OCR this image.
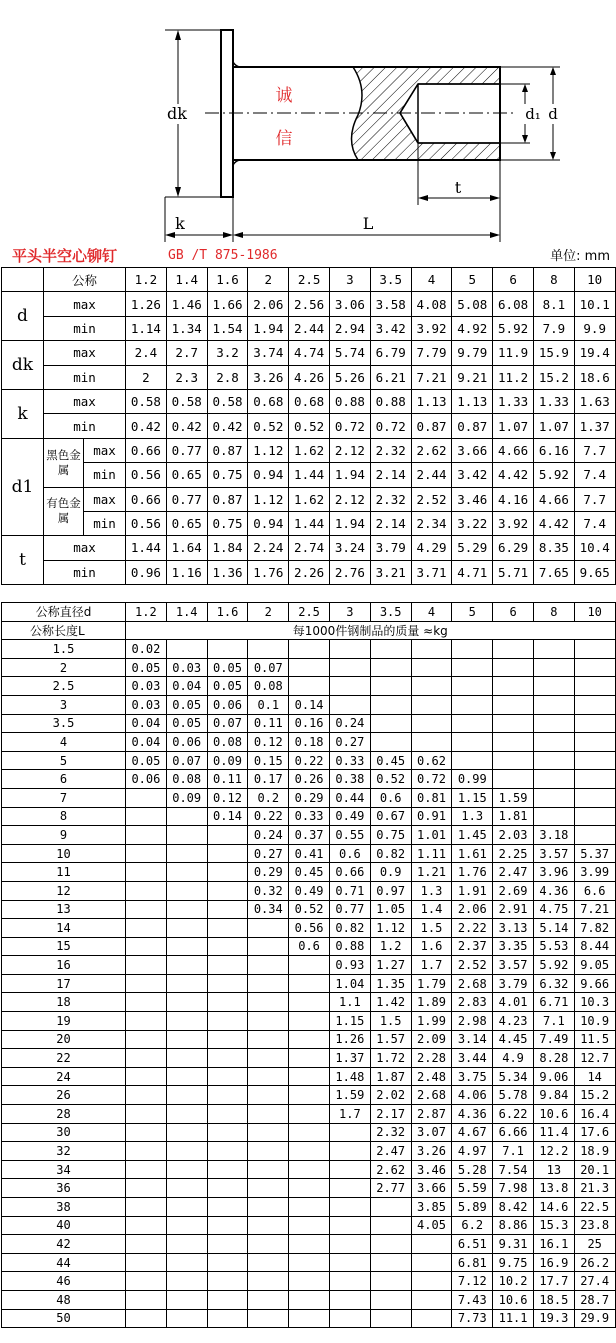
dk	d₁ d
t
k	L
诚
信
平头半空心铆钉	GB /T 875-1986	单位: mm
	公称		1.2	1.4	1.6	2	2.5	3	3.5	4	5	6	8	10
d	max		1.26	1.46	1.66	2.06	2.56	3.06	3.58	4.08	5.08	6.08	8.1	10.1
	min		1.14	1.34	1.54	1.94	2.44	2.94	3.42	3.92	4.92	5.92	7.9	9.9
dk	max		2.4	2.7	3.2	3.74	4.74	5.74	6.79	7.79	9.79	11.9	15.9	19.4
	min		2	2.3	2.8	3.26	4.26	5.26	6.21	7.21	9.21	11.2	15.2	18.6
k	max		0.58	0.58	0.58	0.68	0.68	0.88	0.88	1.13	1.13	1.33	1.33	1.63
	min		0.42	0.42	0.42	0.52	0.52	0.72	0.72	0.87	0.87	1.07	1.07	1.37
d1	黑色金属	max	0.66	0.77	0.87	1.12	1.62	2.12	2.32	2.62	3.66	4.66	6.16	7.7
		min	0.56	0.65	0.75	0.94	1.44	1.94	2.14	2.44	3.42	4.42	5.92	7.4
	有色金属	max	0.66	0.77	0.87	1.12	1.62	2.12	2.32	2.52	3.46	4.16	4.66	7.7
		min	0.56	0.65	0.75	0.94	1.44	1.94	2.14	2.34	3.22	3.92	4.42	7.4
t	max		1.44	1.64	1.84	2.24	2.74	3.24	3.79	4.29	5.29	6.29	8.35	10.4
	min		0.96	1.16	1.36	1.76	2.26	2.76	3.21	3.71	4.71	5.71	7.65	9.65
公称直径d	1.2	1.4	1.6	2	2.5	3	3.5	4	5	6	8	10
公称长度L	每1000件钢制品的质量 ≈kg											
1.5	0.02											
2	0.05	0.03	0.05	0.07								
2.5	0.03	0.04	0.05	0.08								
3	0.03	0.05	0.06	0.1	0.14							
3.5	0.04	0.05	0.07	0.11	0.16	0.24						
4	0.04	0.06	0.08	0.12	0.18	0.27						
5	0.05	0.07	0.09	0.15	0.22	0.33	0.45	0.62				
6	0.06	0.08	0.11	0.17	0.26	0.38	0.52	0.72	0.99			
7		0.09	0.12	0.2	0.29	0.44	0.6	0.81	1.15	1.59		
8			0.14	0.22	0.33	0.49	0.67	0.91	1.3	1.81		
9				0.24	0.37	0.55	0.75	1.01	1.45	2.03	3.18	
10				0.27	0.41	0.6	0.82	1.11	1.61	2.25	3.57	5.37
11				0.29	0.45	0.66	0.9	1.21	1.76	2.47	3.96	3.99
12				0.32	0.49	0.71	0.97	1.3	1.91	2.69	4.36	6.6
13				0.34	0.52	0.77	1.05	1.4	2.06	2.91	4.75	7.21
14					0.56	0.82	1.12	1.5	2.22	3.13	5.14	7.82
15					0.6	0.88	1.2	1.6	2.37	3.35	5.53	8.44
16						0.93	1.27	1.7	2.52	3.57	5.92	9.05
17						1.04	1.35	1.79	2.68	3.79	6.32	9.66
18						1.1	1.42	1.89	2.83	4.01	6.71	10.3
19						1.15	1.5	1.99	2.98	4.23	7.1	10.9
20						1.26	1.57	2.09	3.14	4.45	7.49	11.5
22						1.37	1.72	2.28	3.44	4.9	8.28	12.7
24						1.48	1.87	2.48	3.75	5.34	9.06	14
26						1.59	2.02	2.68	4.06	5.78	9.84	15.2
28						1.7	2.17	2.87	4.36	6.22	10.6	16.4
30							2.32	3.07	4.67	6.66	11.4	17.6
32							2.47	3.26	4.97	7.1	12.2	18.9
34							2.62	3.46	5.28	7.54	13	20.1
36							2.77	3.66	5.59	7.98	13.8	21.3
38								3.85	5.89	8.42	14.6	22.5
40								4.05	6.2	8.86	15.3	23.8
42									6.51	9.31	16.1	25
44									6.81	9.75	16.9	26.2
46									7.12	10.2	17.7	27.4
48									7.43	10.6	18.5	28.7
50									7.73	11.1	19.3	29.9
